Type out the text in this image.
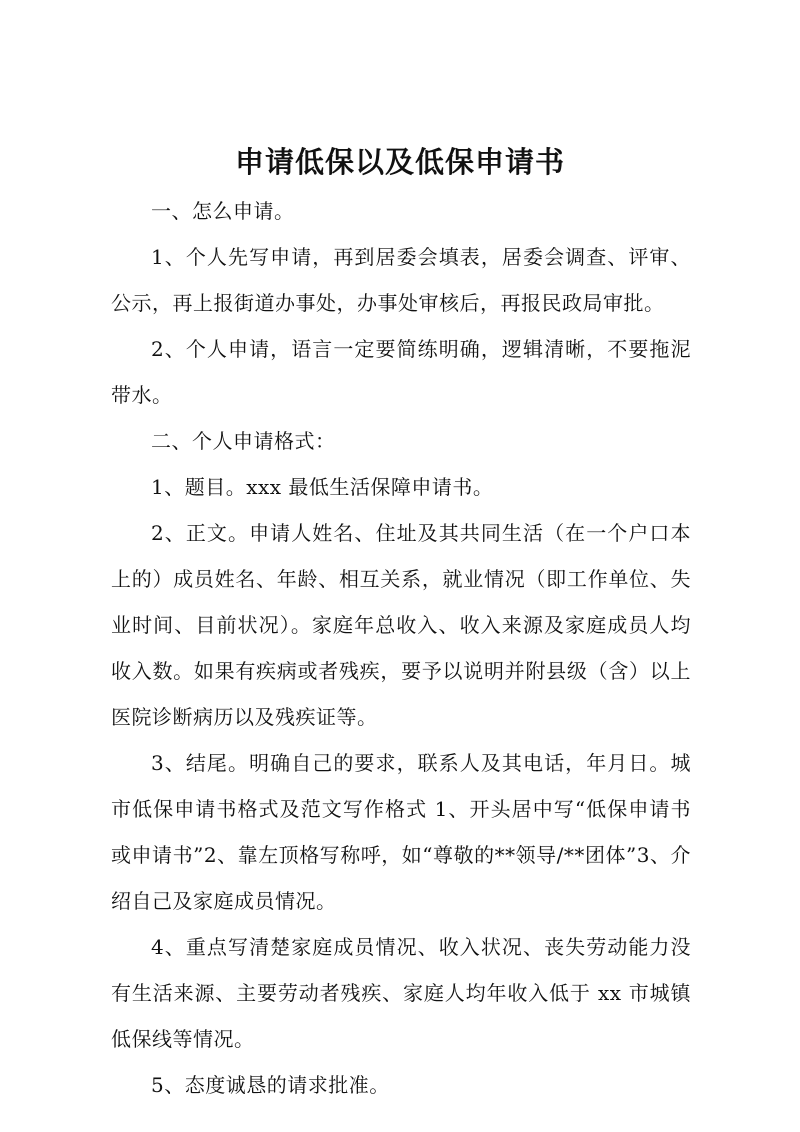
申请低保以及低保申请书

一、怎么申请。

1、个人先写申请，再到居委会填表，居委会调查、评审、公示，再上报街道办事处，办事处审核后，再报民政局审批。

2、个人申请，语言一定要简练明确，逻辑清晰，不要拖泥带水。

二、个人申请格式：

1、题目。xxx 最低生活保障申请书。

2、正文。申请人姓名、住址及其共同生活（在一个户口本上的）成员姓名、年龄、相互关系，就业情况（即工作单位、失业时间、目前状况）。家庭年总收入、收入来源及家庭成员人均收入数。如果有疾病或者残疾，要予以说明并附县级（含）以上医院诊断病历以及残疾证等。

3、结尾。明确自己的要求，联系人及其电话，年月日。城市低保申请书格式及范文写作格式 1、开头居中写“低保申请书或申请书”2、靠左顶格写称呼，如“尊敬的**领导/**团体”3、介绍自己及家庭成员情况。

4、重点写清楚家庭成员情况、收入状况、丧失劳动能力没有生活来源、主要劳动者残疾、家庭人均年收入低于 xx 市城镇低保线等情况。

5、态度诚恳的请求批准。
